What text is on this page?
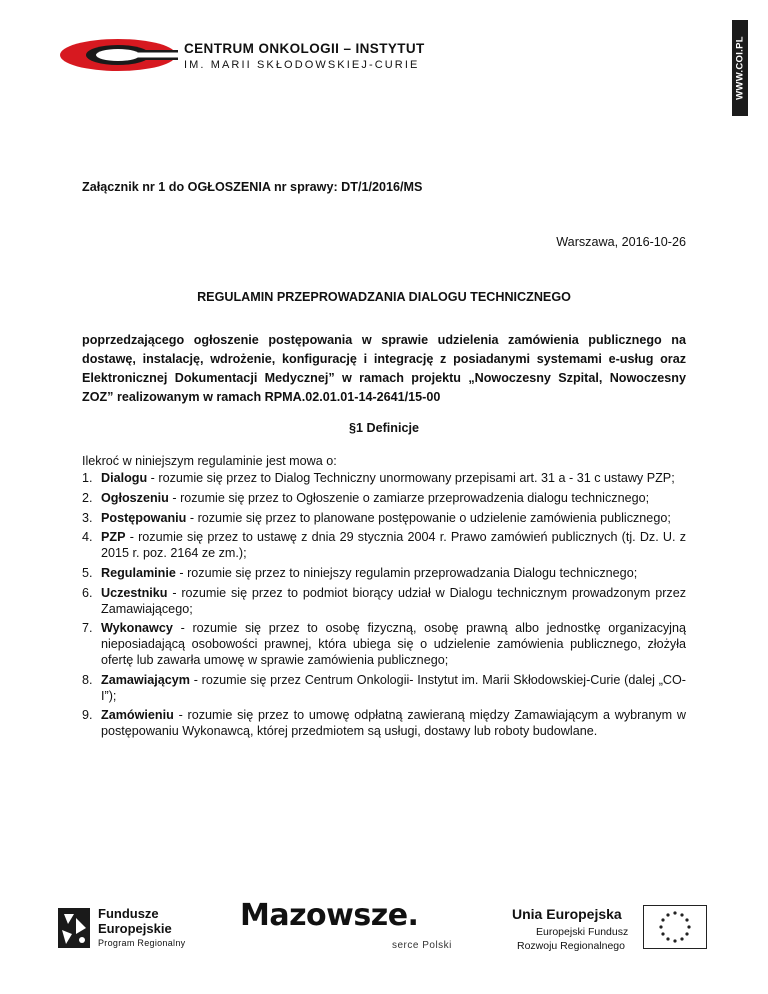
CENTRUM ONKOLOGII – INSTYTUT
IM. MARII SKŁODOWSKIEJ-CURIE	WWW.COI.PL
Załącznik nr 1 do OGŁOSZENIA nr sprawy: DT/1/2016/MS
Warszawa, 2016-10-26
REGULAMIN PRZEPROWADZANIA DIALOGU TECHNICZNEGO
poprzedzającego ogłoszenie postępowania w sprawie udzielenia zamówienia publicznego na dostawę, instalację, wdrożenie, konfigurację i integrację z posiadanymi systemami e-usług oraz Elektronicznej Dokumentacji Medycznej” w ramach projektu „Nowoczesny Szpital, Nowoczesny ZOZ” realizowanym w ramach RPMA.02.01.01-14-2641/15-00
§1 Definicje
Ilekroć w niniejszym regulaminie jest mowa o:
1. Dialogu - rozumie się przez to Dialog Techniczny unormowany przepisami art. 31 a - 31 c ustawy PZP;
2. Ogłoszeniu - rozumie się przez to Ogłoszenie o zamiarze przeprowadzenia dialogu technicznego;
3. Postępowaniu - rozumie się przez to planowane postępowanie o udzielenie zamówienia publicznego;
4. PZP - rozumie się przez to ustawę z dnia 29 stycznia 2004 r. Prawo zamówień publicznych (tj. Dz. U. z 2015 r. poz. 2164 ze zm.);
5. Regulaminie - rozumie się przez to niniejszy regulamin przeprowadzania Dialogu technicznego;
6. Uczestniku - rozumie się przez to podmiot biorący udział w Dialogu technicznym prowadzonym przez Zamawiającego;
7. Wykonawcy - rozumie się przez to osobę fizyczną, osobę prawną albo jednostkę organizacyjną nieposiadającą osobowości prawnej, która ubiega się o udzielenie zamówienia publicznego, złożyła ofertę lub zawarła umowę w sprawie zamówienia publicznego;
8. Zamawiającym - rozumie się przez Centrum Onkologii- Instytut im. Marii Skłodowskiej-Curie (dalej „CO-I”);
9. Zamówieniu - rozumie się przez to umowę odpłatną zawieraną między Zamawiającym a wybranym w postępowaniu Wykonawcą, której przedmiotem są usługi, dostawy lub roboty budowlane.
Fundusze
Europejskie
Program Regionalny
Mazowsze.
serce Polski
Unia Europejska
Europejski Fundusz
Rozwoju Regionalnego
